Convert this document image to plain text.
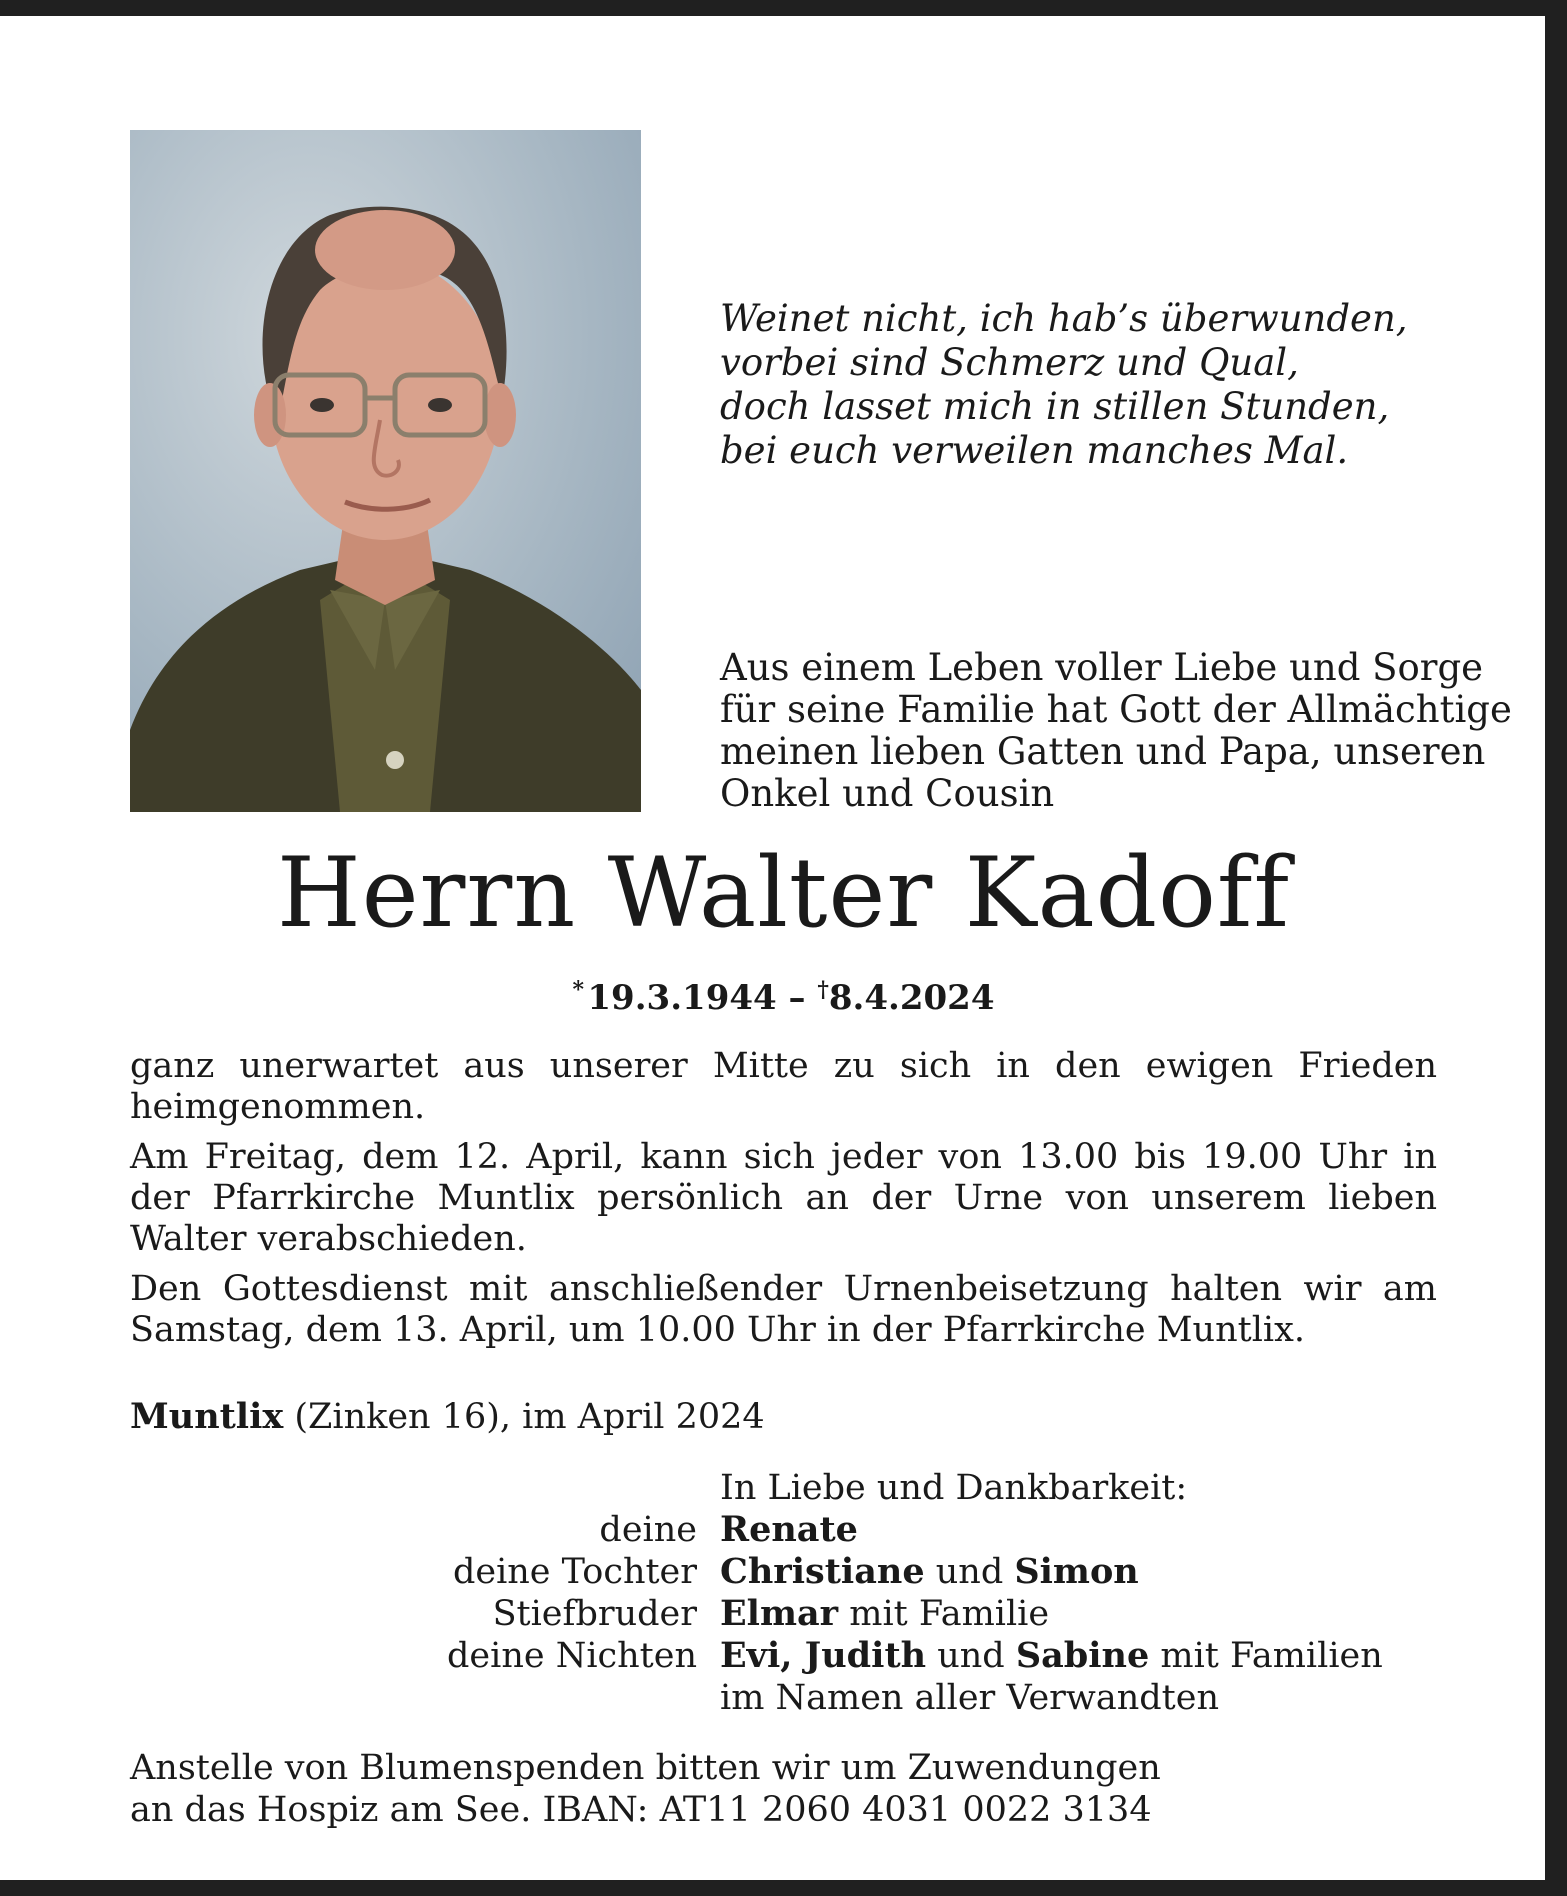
Weinet nicht, ich hab’s überwunden,
vorbei sind Schmerz und Qual,
doch lasset mich in stillen Stunden,
bei euch verweilen manches Mal.
Aus einem Leben voller Liebe und Sorge
für seine Familie hat Gott der Allmächtige
meinen lieben Gatten und Papa, unseren
Onkel und Cousin
Herrn Walter Kadoff
* 19.3.1944 – †8.4.2024

ganz unerwartet aus unserer Mitte zu sich in den ewigen Frieden heimgenommen.

Am Freitag, dem 12. April, kann sich jeder von 13.00 bis 19.00 Uhr in der Pfarrkirche Muntlix persönlich an der Urne von unserem lieben Walter verabschieden.

Den Gottesdienst mit anschließender Urnenbeisetzung halten wir am Samstag, dem 13. April, um 10.00 Uhr in der Pfarrkirche Muntlix.

Muntlix (Zinken 16), im April 2024
In Liebe und Dankbarkeit:
deine Renate
deine Tochter Christiane und Simon
Stiefbruder Elmar mit Familie
deine Nichten Evi, Judith und Sabine mit Familien
im Namen aller Verwandten
Anstelle von Blumenspenden bitten wir um Zuwendungen
an das Hospiz am See. IBAN: AT11 2060 4031 0022 3134
